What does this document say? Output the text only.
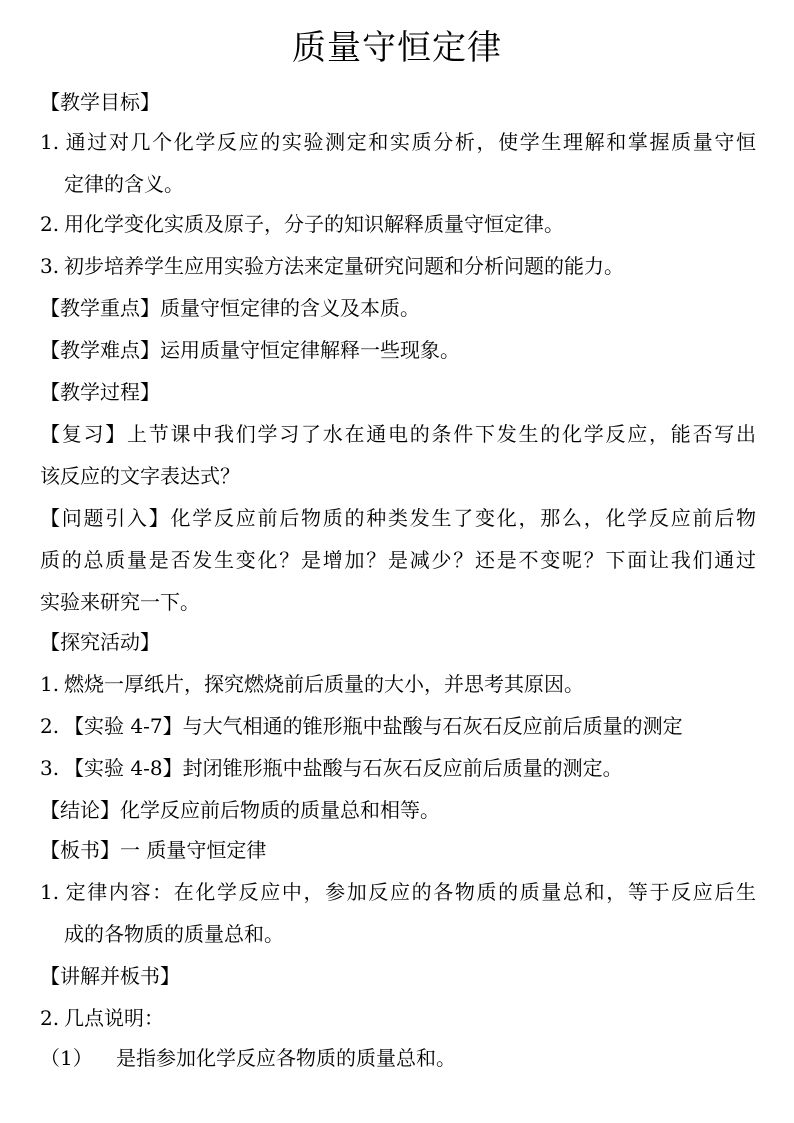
质量守恒定律
【教学目标】
1. 通过对几个化学反应的实验测定和实质分析，使学生理解和掌握质量守恒
定律的含义。
2. 用化学变化实质及原子，分子的知识解释质量守恒定律。
3. 初步培养学生应用实验方法来定量研究问题和分析问题的能力。
【教学重点】质量守恒定律的含义及本质。
【教学难点】运用质量守恒定律解释一些现象。
【教学过程】
【复习】上节课中我们学习了水在通电的条件下发生的化学反应，能否写出
该反应的文字表达式？
【问题引入】化学反应前后物质的种类发生了变化，那么，化学反应前后物
质的总质量是否发生变化？是增加？是减少？还是不变呢？下面让我们通过
实验来研究一下。
【探究活动】
1. 燃烧一厚纸片，探究燃烧前后质量的大小，并思考其原因。
2. 【实验 4-7】与大气相通的锥形瓶中盐酸与石灰石反应前后质量的测定
3. 【实验 4-8】封闭锥形瓶中盐酸与石灰石反应前后质量的测定。
【结论】化学反应前后物质的质量总和相等。
【板书】一 质量守恒定律
1. 定律内容：在化学反应中，参加反应的各物质的质量总和，等于反应后生
成的各物质的质量总和。
【讲解并板书】
2. 几点说明：
（1） 是指参加化学反应各物质的质量总和。
